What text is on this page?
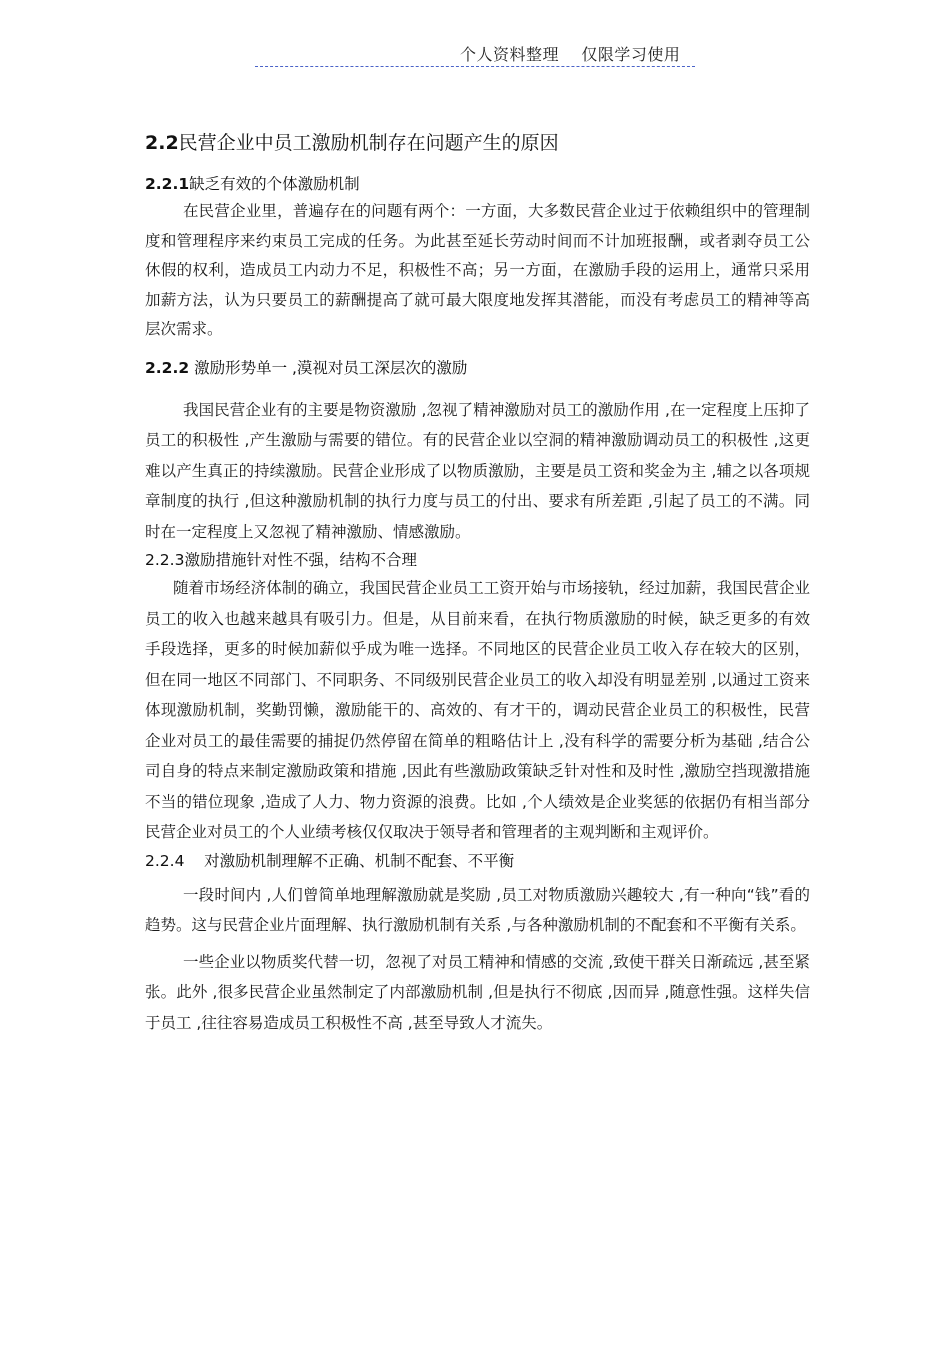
个人资料整理    仅限学习使用
2.2民营企业中员工激励机制存在问题产生的原因
2.2.1缺乏有效的个体激励机制

在民营企业里，普遍存在的问题有两个：一方面，大多数民营企业过于依赖组织中的管理制度和管理程序来约束员工完成的任务。为此甚至延长劳动时间而不计加班报酬，或者剥夺员工公休假的权利，造成员工内动力不足，积极性不高；另一方面，在激励手段的运用上，通常只采用加薪方法，认为只要员工的薪酬提高了就可最大限度地发挥其潜能，而没有考虑员工的精神等高层次需求。

2.2.2 激励形势单一 ,漠视对员工深层次的激励

我国民营企业有的主要是物资激励 ,忽视了精神激励对员工的激励作用 ,在一定程度上压抑了员工的积极性 ,产生激励与需要的错位。有的民营企业以空洞的精神激励调动员工的积极性 ,这更难以产生真正的持续激励。民营企业形成了以物质激励，主要是员工资和奖金为主 ,辅之以各项规章制度的执行 ,但这种激励机制的执行力度与员工的付出、要求有所差距 ,引起了员工的不满。同时在一定程度上又忽视了精神激励、情感激励。

2.2.3激励措施针对性不强，结构不合理

随着市场经济体制的确立，我国民营企业员工工资开始与市场接轨，经过加薪，我国民营企业员工的收入也越来越具有吸引力。但是，从目前来看，在执行物质激励的时候，缺乏更多的有效手段选择，更多的时候加薪似乎成为唯一选择。不同地区的民营企业员工收入存在较大的区别，但在同一地区不同部门、不同职务、不同级别民营企业员工的收入却没有明显差别 ,以通过工资来体现激励机制，奖勤罚懒，激励能干的、高效的、有才干的，调动民营企业员工的积极性，民营企业对员工的最佳需要的捕捉仍然停留在简单的粗略估计上 ,没有科学的需要分析为基础 ,结合公司自身的特点来制定激励政策和措施 ,因此有些激励政策缺乏针对性和及时性 ,激励空挡现激措施不当的错位现象 ,造成了人力、物力资源的浪费。比如 ,个人绩效是企业奖惩的依据仍有相当部分民营企业对员工的个人业绩考核仅仅取决于领导者和管理者的主观判断和主观评价。

2.2.4    对激励机制理解不正确、机制不配套、不平衡

一段时间内 ,人们曾简单地理解激励就是奖励 ,员工对物质激励兴趣较大 ,有一种向“钱”看的趋势。这与民营企业片面理解、执行激励机制有关系 ,与各种激励机制的不配套和不平衡有关系。

一些企业以物质奖代替一切，忽视了对员工精神和情感的交流 ,致使干群关日渐疏远 ,甚至紧张。此外 ,很多民营企业虽然制定了内部激励机制 ,但是执行不彻底 ,因而异 ,随意性强。这样失信于员工 ,往往容易造成员工积极性不高 ,甚至导致人才流失。
